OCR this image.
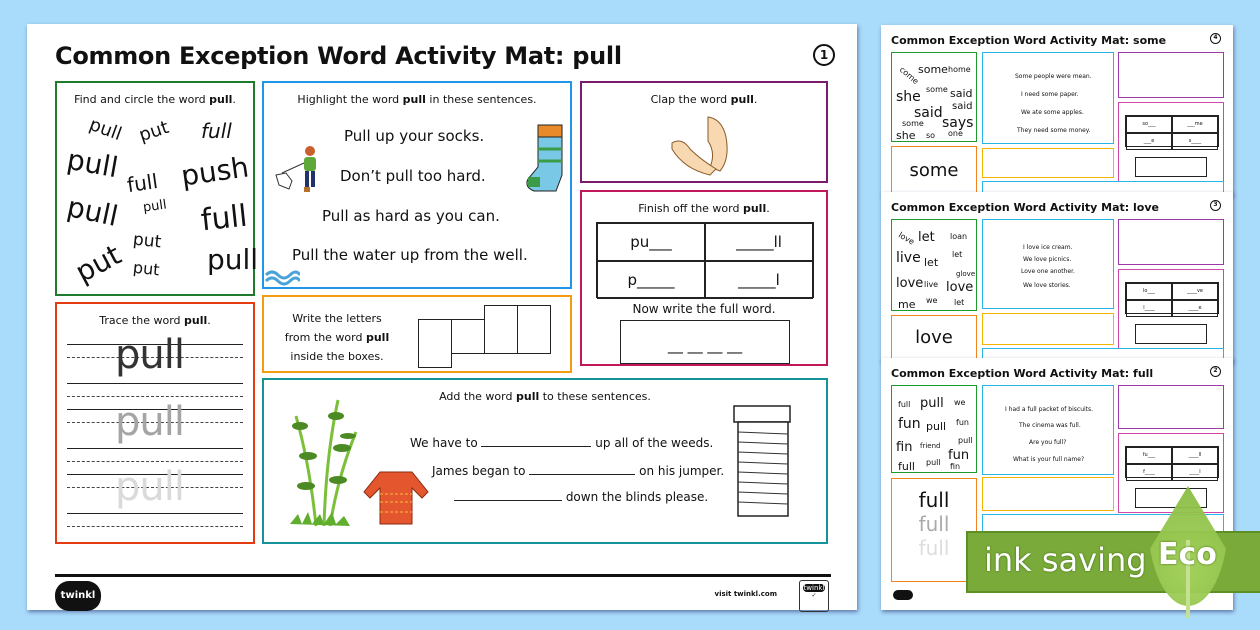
Common Exception Word Activity Mat: pull	1
Find and circle the word pull.
pull put full
pull full push
pull pull full
put
put put pull
Highlight the word pull in these sentences.
Pull up your socks.
Don’t pull too hard.
Pull as hard as you can.
Pull the water up from the well.
Clap the word pull.
Finish off the word pull.
pu___	_____ll
p_____	_____l
Now write the full word.
__ __ __ __
Trace the word pull.
pull
pull
pull
Write the letters
from the word pull
inside the boxes.
Add the word pull to these sentences.
We have to	up all of the weeds.
James began to	on his jumper.
down the blinds please.
twinkl	visit twinkl.com
twinkl
✓
Common Exception Word Activity Mat: some	4
come
some home
she some said
said said
says
some
she so one
Some people were mean.
I need some paper.
We ate some apples.
They need some money.
so___	___me
___e	s____
some
Common Exception Word Activity Mat: love	3
love let loan
live let
let
glove
love live love
me we let
I love ice cream.
We love picnics.
Love one another.
We love stories.
lo___	____ve
l____	____e
love
Common Exception Word Activity Mat: full	2
full pull we
fun pull fun
fin friend
pull
fun
full pull fin
I had a full packet of biscuits.
The cinema was full.
Are you full?
What is your full name?
fu___	____ll
f____	____l
full
full
full	ink saving Eco
